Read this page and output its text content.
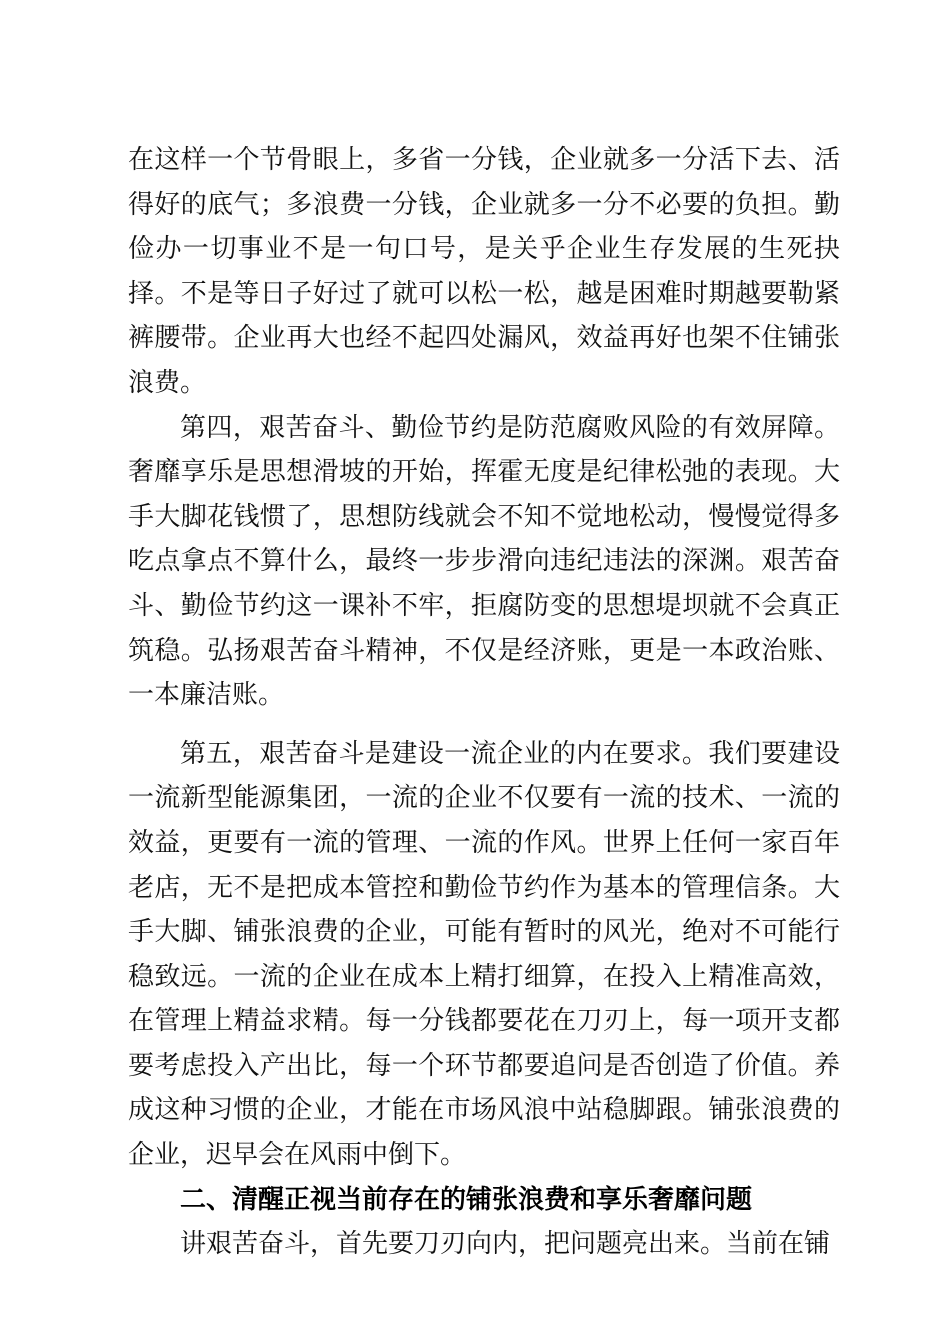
在这样一个节骨眼上，多省一分钱，企业就多一分活下去、活得好的底气；多浪费一分钱，企业就多一分不必要的负担。勤俭办一切事业不是一句口号，是关乎企业生存发展的生死抉择。不是等日子好过了就可以松一松，越是困难时期越要勒紧裤腰带。企业再大也经不起四处漏风，效益再好也架不住铺张浪费。

第四，艰苦奋斗、勤俭节约是防范腐败风险的有效屏障。奢靡享乐是思想滑坡的开始，挥霍无度是纪律松弛的表现。大手大脚花钱惯了，思想防线就会不知不觉地松动，慢慢觉得多吃点拿点不算什么，最终一步步滑向违纪违法的深渊。艰苦奋斗、勤俭节约这一课补不牢，拒腐防变的思想堤坝就不会真正筑稳。弘扬艰苦奋斗精神，不仅是经济账，更是一本政治账、一本廉洁账。

第五，艰苦奋斗是建设一流企业的内在要求。我们要建设一流新型能源集团，一流的企业不仅要有一流的技术、一流的效益，更要有一流的管理、一流的作风。世界上任何一家百年老店，无不是把成本管控和勤俭节约作为基本的管理信条。大手大脚、铺张浪费的企业，可能有暂时的风光，绝对不可能行稳致远。一流的企业在成本上精打细算，在投入上精准高效，在管理上精益求精。每一分钱都要花在刀刃上，每一项开支都要考虑投入产出比，每一个环节都要追问是否创造了价值。养成这种习惯的企业，才能在市场风浪中站稳脚跟。铺张浪费的企业，迟早会在风雨中倒下。

二、清醒正视当前存在的铺张浪费和享乐奢靡问题

讲艰苦奋斗，首先要刀刃向内，把问题亮出来。当前在铺
